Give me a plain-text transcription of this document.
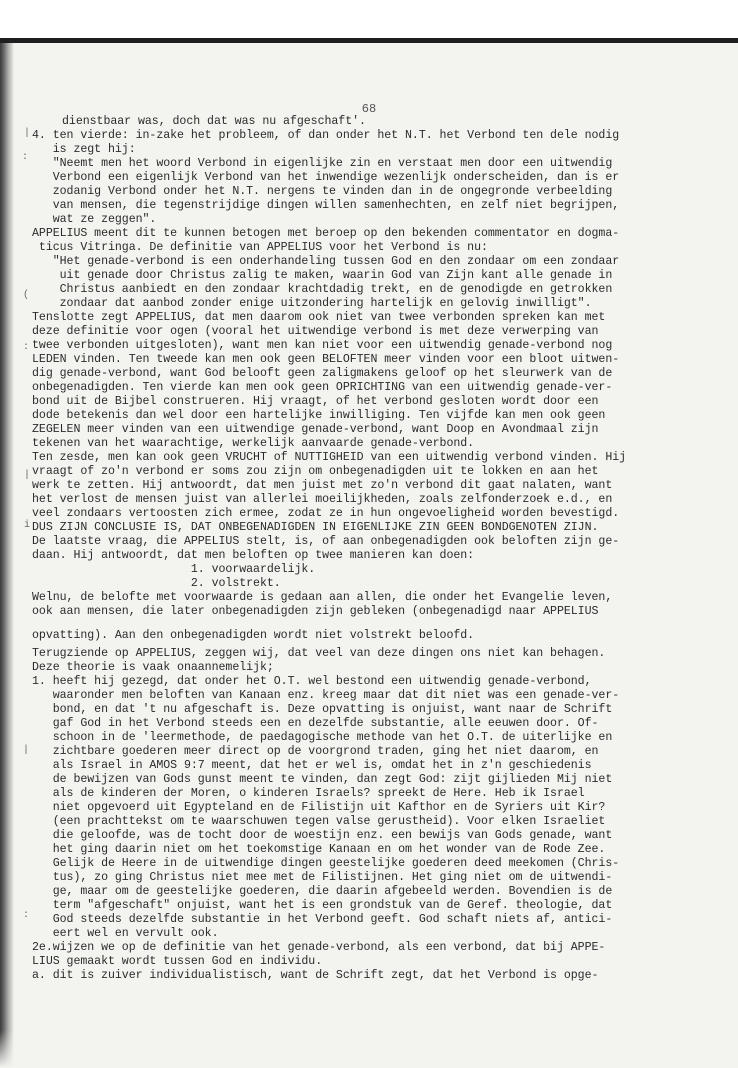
68
|
:
(
:
|
i
|
:
dienstbaar was, doch dat was nu afgeschaft'.
4. ten vierde: in-zake het probleem, of dan onder het N.T. het Verbond ten dele nodig
is zegt hij:
"Neemt men het woord Verbond in eigenlijke zin en verstaat men door een uitwendig
Verbond een eigenlijk Verbond van het inwendige wezenlijk onderscheiden, dan is er
zodanig Verbond onder het N.T. nergens te vinden dan in de ongegronde verbeelding
van mensen, die tegenstrijdige dingen willen samenhechten, en zelf niet begrijpen,
wat ze zeggen".
APPELIUS meent dit te kunnen betogen met beroep op den bekenden commentator en dogma-
ticus Vitringa. De definitie van APPELIUS voor het Verbond is nu:
"Het genade-verbond is een onderhandeling tussen God en den zondaar om een zondaar
uit genade door Christus zalig te maken, waarin God van Zijn kant alle genade in
Christus aanbiedt en den zondaar krachtdadig trekt, en de genodigde en getrokken
zondaar dat aanbod zonder enige uitzondering hartelijk en gelovig inwilligt".
Tenslotte zegt APPELIUS, dat men daarom ook niet van twee verbonden spreken kan met
deze definitie voor ogen (vooral het uitwendige verbond is met deze verwerping van
twee verbonden uitgesloten), want men kan niet voor een uitwendig genade-verbond nog
LEDEN vinden. Ten tweede kan men ook geen BELOFTEN meer vinden voor een bloot uitwen-
dig genade-verbond, want God belooft geen zaligmakens geloof op het sleurwerk van de
onbegenadigden. Ten vierde kan men ook geen OPRICHTING van een uitwendig genade-ver-
bond uit de Bijbel construeren. Hij vraagt, of het verbond gesloten wordt door een
dode betekenis dan wel door een hartelijke inwilliging. Ten vijfde kan men ook geen
ZEGELEN meer vinden van een uitwendige genade-verbond, want Doop en Avondmaal zijn
tekenen van het waarachtige, werkelijk aanvaarde genade-verbond.
Ten zesde, men kan ook geen VRUCHT of NUTTIGHEID van een uitwendig verbond vinden. Hij
vraagt of zo'n verbond er soms zou zijn om onbegenadigden uit te lokken en aan het
werk te zetten. Hij antwoordt, dat men juist met zo'n verbond dit gaat nalaten, want
het verlost de mensen juist van allerlei moeilijkheden, zoals zelfonderzoek e.d., en
veel zondaars vertoosten zich ermee, zodat ze in hun ongevoeligheid worden bevestigd.
DUS ZIJN CONCLUSIE IS, DAT ONBEGENADIGDEN IN EIGENLIJKE ZIN GEEN BONDGENOTEN ZIJN.
De laatste vraag, die APPELIUS stelt, is, of aan onbegenadigden ook beloften zijn ge-
daan. Hij antwoordt, dat men beloften op twee manieren kan doen:
1. voorwaardelijk.
2. volstrekt.
Welnu, de belofte met voorwaarde is gedaan aan allen, die onder het Evangelie leven,
ook aan mensen, die later onbegenadigden zijn gebleken (onbegenadigd naar APPELIUS
opvatting). Aan den onbegenadigden wordt niet volstrekt beloofd.
Terugziende op APPELIUS, zeggen wij, dat veel van deze dingen ons niet kan behagen.
Deze theorie is vaak onaannemelijk;
1. heeft hij gezegd, dat onder het O.T. wel bestond een uitwendig genade-verbond,
waaronder men beloften van Kanaan enz. kreeg maar dat dit niet was een genade-ver-
bond, en dat 't nu afgeschaft is. Deze opvatting is onjuist, want naar de Schrift
gaf God in het Verbond steeds een en dezelfde substantie, alle eeuwen door. Of-
schoon in de 'leermethode, de paedagogische methode van het O.T. de uiterlijke en
zichtbare goederen meer direct op de voorgrond traden, ging het niet daarom, en
als Israel in AMOS 9:7 meent, dat het er wel is, omdat het in z'n geschiedenis
de bewijzen van Gods gunst meent te vinden, dan zegt God: zijt gijlieden Mij niet
als de kinderen der Moren, o kinderen Israels? spreekt de Here. Heb ik Israel
niet opgevoerd uit Egypteland en de Filistijn uit Kafthor en de Syriers uit Kir?
(een prachttekst om te waarschuwen tegen valse gerustheid). Voor elken Israeliet
die geloofde, was de tocht door de woestijn enz. een bewijs van Gods genade, want
het ging daarin niet om het toekomstige Kanaan en om het wonder van de Rode Zee.
Gelijk de Heere in de uitwendige dingen geestelijke goederen deed meekomen (Chris-
tus), zo ging Christus niet mee met de Filistijnen. Het ging niet om de uitwendi-
ge, maar om de geestelijke goederen, die daarin afgebeeld werden. Bovendien is de
term "afgeschaft" onjuist, want het is een grondstuk van de Geref. theologie, dat
God steeds dezelfde substantie in het Verbond geeft. God schaft niets af, antici-
eert wel en vervult ook.
2e.wijzen we op de definitie van het genade-verbond, als een verbond, dat bij APPE-
LIUS gemaakt wordt tussen God en individu.
a. dit is zuiver individualistisch, want de Schrift zegt, dat het Verbond is opge-
